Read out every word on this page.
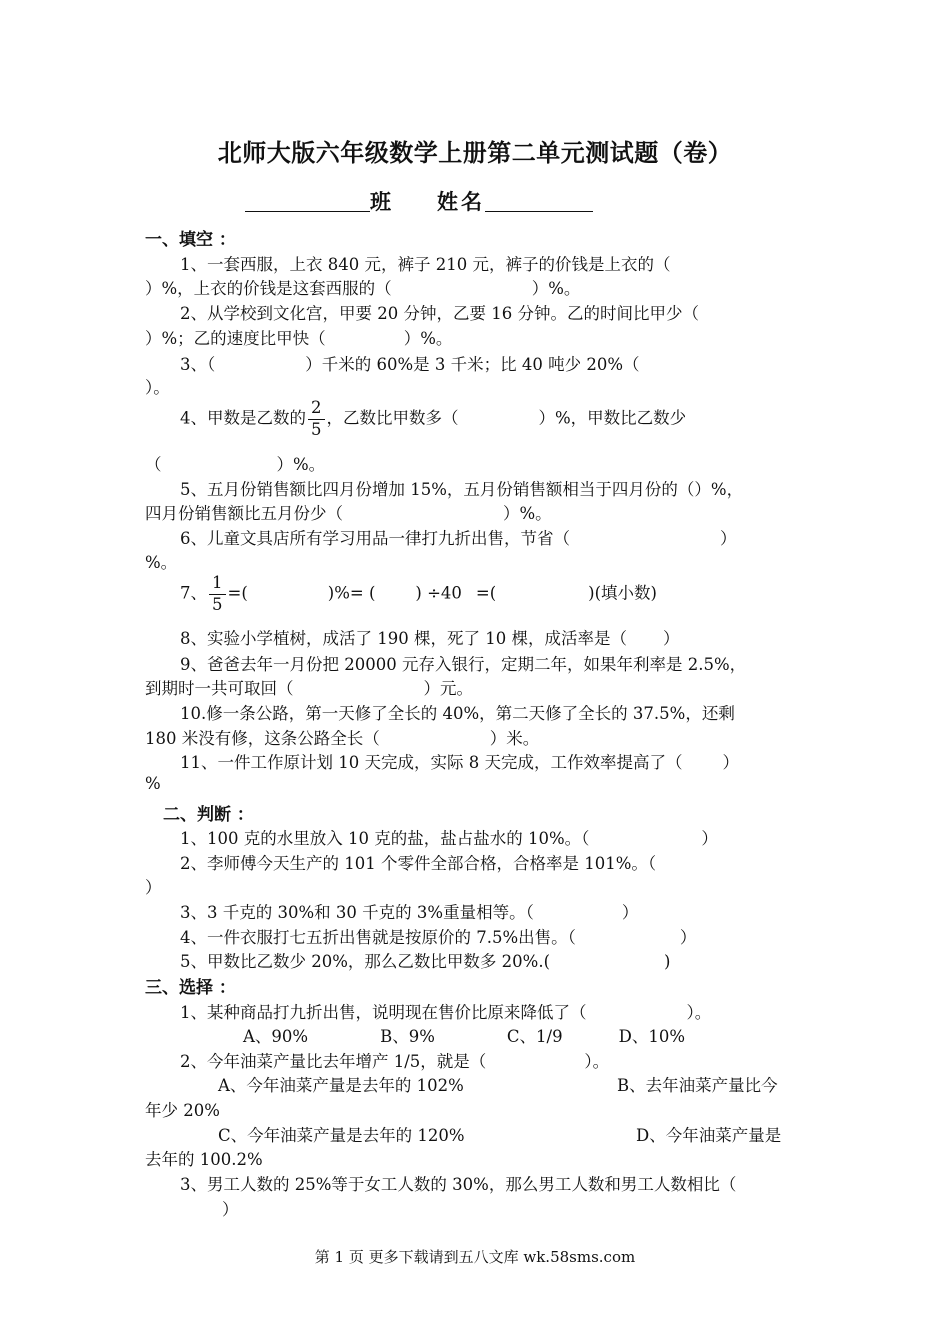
北师大版六年级数学上册第二单元测试题（卷）
班 姓名
一、填空 ：
1、一套西服，上衣 840 元，裤子 210 元，裤子的价钱是上衣的（
）%，上衣的价钱是这套西服的（	）%。
2、从学校到文化宫，甲要 20 分钟，乙要 16 分钟。乙的时间比甲少（
）%；乙的速度比甲快（	）%。
3、（	）千米的 60%是 3 千米；比 40 吨少 20%（
）。
4、甲数是乙数的 $\frac{2}{5}$ ，乙数比甲数多（	）%，甲数比乙数少
（	）%。
5、五月份销售额比四月份增加 15%，五月份销售额相当于四月份的（）%，
四月份销售额比五月份少（	）%。
6、儿童文具店所有学习用品一律打九折出售，节省（	）
%。
7、 $\frac{1}{5}$ =(	)%= ( ) ÷40 =(	)(填小数)
8、实验小学植树，成活了 190 棵，死了 10 棵，成活率是（ ）
9、爸爸去年一月份把 20000 元存入银行，定期二年，如果年利率是 2.5%，
到期时一共可取回（	）元。
10.修一条公路，第一天修了全长的 40%，第二天修了全长的 37.5%，还剩
180 米没有修，这条公路全长（	）米。
11、一件工作原计划 10 天完成，实际 8 天完成，工作效率提高了（ ）
%
二、判断 ：
1、100 克的水里放入 10 克的盐，盐占盐水的 10%。（	）
2、李师傅今天生产的 101 个零件全部合格，合格率是 101%。（
）
3、3 千克的 30%和 30 千克的 3%重量相等。（	）
4、一件衣服打七五折出售就是按原价的 7.5%出售。（	）
5、甲数比乙数少 20%，那么乙数比甲数多 20%.(	)
三、选择 ：
1、某种商品打九折出售，说明现在售价比原来降低了（	）。
A、90%	B、9%	C、1/9	D、10%
2、今年油菜产量比去年增产 1/5，就是（	）。
A、今年油菜产量是去年的 102%	B、去年油菜产量比今
年少 20%
C、今年油菜产量是去年的 120%	D、今年油菜产量是
去年的 100.2%
3、男工人数的 25%等于女工人数的 30%，那么男工人数和男工人数相比（
）
第 1 页 更多下载请到五八文库 wk.58sms.com
